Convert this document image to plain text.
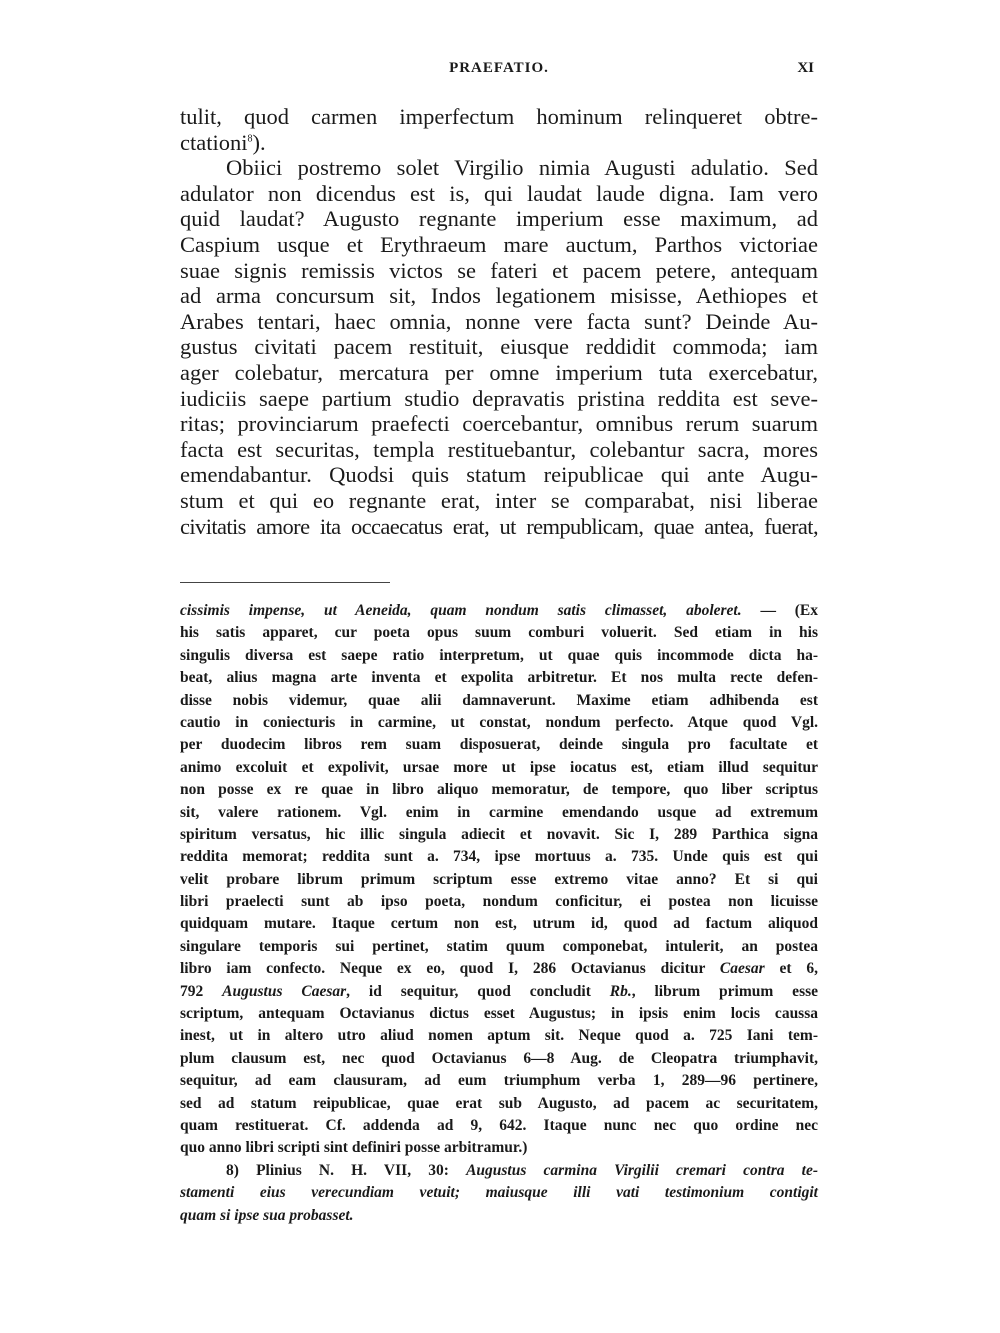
PRAEFATIO.	XI
tulit, quod carmen imperfectum hominum relinqueret obtre-
ctationi$^8$).
Obiici postremo solet Virgilio nimia Augusti adulatio. Sed
adulator non dicendus est is, qui laudat laude digna. Iam vero
quid laudat? Augusto regnante imperium esse maximum, ad
Caspium usque et Erythraeum mare auctum, Parthos victoriae
suae signis remissis victos se fateri et pacem petere, antequam
ad arma concursum sit, Indos legationem misisse, Aethiopes et
Arabes tentari, haec omnia, nonne vere facta sunt? Deinde Au-
gustus civitati pacem restituit, eiusque reddidit commoda; iam
ager colebatur, mercatura per omne imperium tuta exercebatur,
iudiciis saepe partium studio depravatis pristina reddita est seve-
ritas; provinciarum praefecti coercebantur, omnibus rerum suarum
facta est securitas, templa restituebantur, colebantur sacra, mores
emendabantur. Quodsi quis statum reipublicae qui ante Augu-
stum et qui eo regnante erat, inter se comparabat, nisi liberae
civitatis amore ita occaecatus erat, ut rempublicam, quae antea, fuerat,
cissimis impense, ut Aeneida, quam nondum satis climasset, aboleret. — (Ex
his satis apparet, cur poeta opus suum comburi voluerit. Sed etiam in his
singulis diversa est saepe ratio interpretum, ut quae quis incommode dicta ha-
beat, alius magna arte inventa et expolita arbitretur. Et nos multa recte defen-
disse nobis videmur, quae alii damnaverunt. Maxime etiam adhibenda est
cautio in coniecturis in carmine, ut constat, nondum perfecto. Atque quod Vgl.
per duodecim libros rem suam disposuerat, deinde singula pro facultate et
animo excoluit et expolivit, ursae more ut ipse iocatus est, etiam illud sequitur
non posse ex re quae in libro aliquo memoratur, de tempore, quo liber scriptus
sit, valere rationem. Vgl. enim in carmine emendando usque ad extremum
spiritum versatus, hic illic singula adiecit et novavit. Sic I, 289 Parthica signa
reddita memorat; reddita sunt a. 734, ipse mortuus a. 735. Unde quis est qui
velit probare librum primum scriptum esse extremo vitae anno? Et si qui
libri praelecti sunt ab ipso poeta, nondum conficitur, ei postea non licuisse
quidquam mutare. Itaque certum non est, utrum id, quod ad factum aliquod
singulare temporis sui pertinet, statim quum componebat, intulerit, an postea
libro iam confecto. Neque ex eo, quod I, 286 Octavianus dicitur Caesar et 6,
792 Augustus Caesar, id sequitur, quod concludit Rb., librum primum esse
scriptum, antequam Octavianus dictus esset Augustus; in ipsis enim locis caussa
inest, ut in altero utro aliud nomen aptum sit. Neque quod a. 725 Iani tem-
plum clausum est, nec quod Octavianus 6—8 Aug. de Cleopatra triumphavit,
sequitur, ad eam clausuram, ad eum triumphum verba 1, 289—96 pertinere,
sed ad statum reipublicae, quae erat sub Augusto, ad pacem ac securitatem,
quam restituerat. Cf. addenda ad 9, 642. Itaque nunc nec quo ordine nec
quo anno libri scripti sint definiri posse arbitramur.)
8) Plinius N. H. VII, 30: Augustus carmina Virgilii cremari contra te-
stamenti eius verecundiam vetuit; maiusque illi vati testimonium contigit
quam si ipse sua probasset.
